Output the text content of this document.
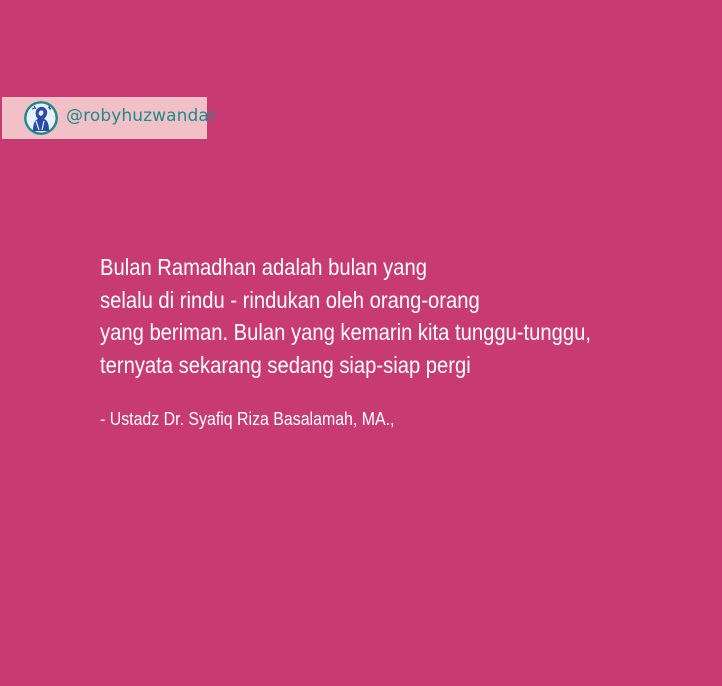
@robyhuzwandar
Bulan Ramadhan adalah bulan yang
selalu di rindu - rindukan oleh orang-orang
yang beriman. Bulan yang kemarin kita tunggu-tunggu,
ternyata sekarang sedang siap-siap pergi
- Ustadz Dr. Syafiq Riza Basalamah, MA.,
